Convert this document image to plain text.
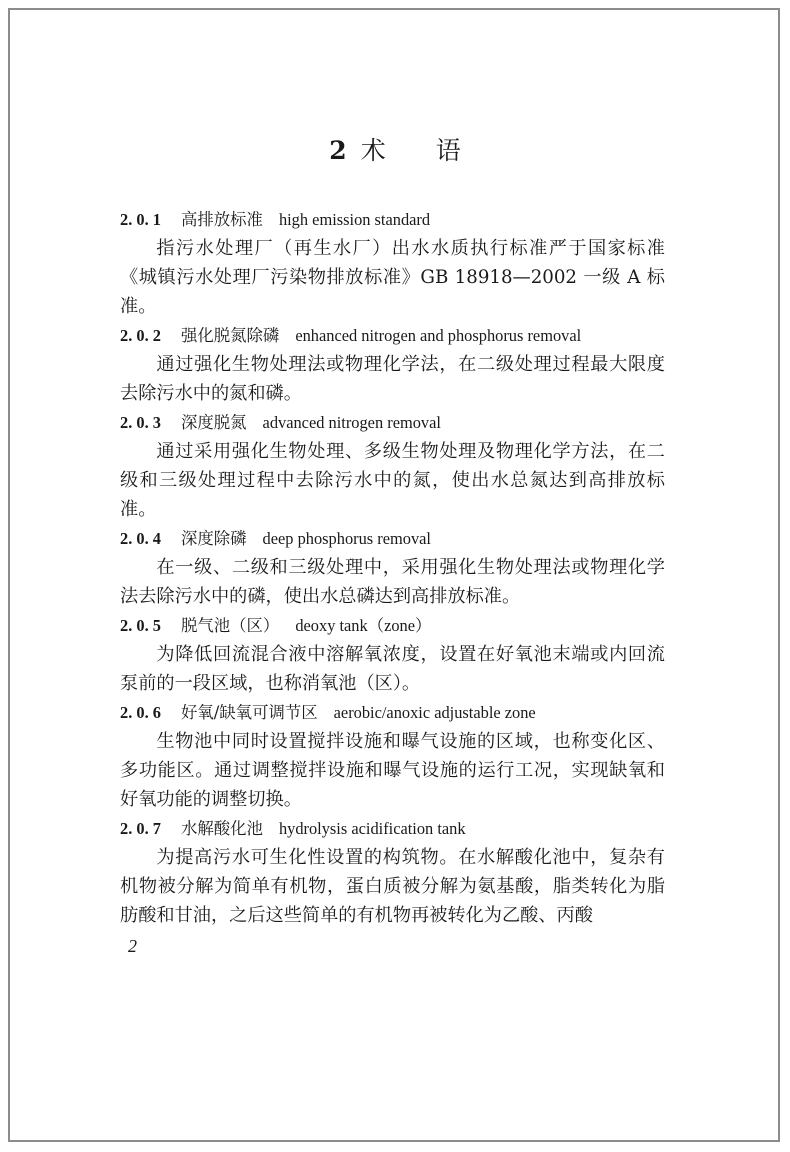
2 术 语
2. 0. 1 高排放标准 high emission standard

指污水处理厂（再生水厂）出水水质执行标准严于国家标准《城镇污水处理厂污染物排放标准》GB 18918—2002 一级 A 标准。

2. 0. 2 强化脱氮除磷 enhanced nitrogen and phosphorus removal

通过强化生物处理法或物理化学法，在二级处理过程最大限度去除污水中的氮和磷。

2. 0. 3 深度脱氮 advanced nitrogen removal

通过采用强化生物处理、多级生物处理及物理化学方法，在二级和三级处理过程中去除污水中的氮，使出水总氮达到高排放标准。

2. 0. 4 深度除磷 deep phosphorus removal

在一级、二级和三级处理中，采用强化生物处理法或物理化学法去除污水中的磷，使出水总磷达到高排放标准。

2. 0. 5 脱气池（区） deoxy tank（zone）

为降低回流混合液中溶解氧浓度，设置在好氧池末端或内回流泵前的一段区域，也称消氧池（区）。

2. 0. 6 好氧/缺氧可调节区 aerobic/anoxic adjustable zone

生物池中同时设置搅拌设施和曝气设施的区域，也称变化区、多功能区。通过调整搅拌设施和曝气设施的运行工况，实现缺氧和好氧功能的调整切换。

2. 0. 7 水解酸化池 hydrolysis acidification tank

为提高污水可生化性设置的构筑物。在水解酸化池中，复杂有机物被分解为简单有机物，蛋白质被分解为氨基酸，脂类转化为脂肪酸和甘油，之后这些简单的有机物再被转化为乙酸、丙酸

2
